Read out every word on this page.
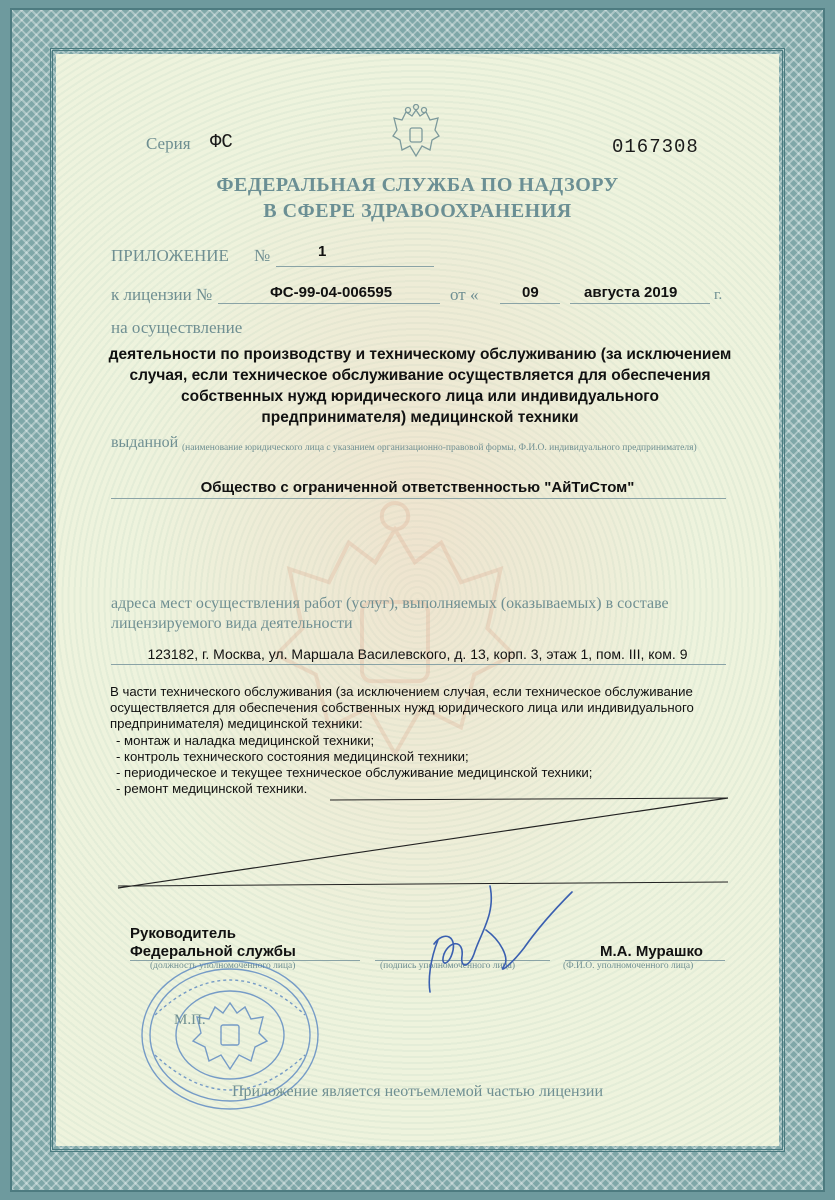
Серия ФС	0167308
ФЕДЕРАЛЬНАЯ СЛУЖБА ПО НАДЗОРУ
В СФЕРЕ ЗДРАВООХРАНЕНИЯ
ПРИЛОЖЕНИЕ №	1
к лицензии №	ФС-99-04-006595	от «	09	августа 2019 г.
на осуществление
деятельности по производству и техническому обслуживанию (за исключением случая, если техническое обслуживание осуществляется для обеспечения собственных нужд юридического лица или индивидуального предпринимателя) медицинской техники
выданной (наименование юридического лица с указанием организационно-правовой формы, Ф.И.О. индивидуального предпринимателя)
Общество с ограниченной ответственностью "АйТиСтом"
адреса мест осуществления работ (услуг), выполняемых (оказываемых) в составе лицензируемого вида деятельности
123182, г. Москва, ул. Маршала Василевского, д. 13, корп. 3, этаж 1, пом. III, ком. 9
В части технического обслуживания (за исключением случая, если техническое обслуживание осуществляется для обеспечения собственных нужд юридического лица или индивидуального предпринимателя) медицинской техники:
- монтаж и наладка медицинской техники;
- контроль технического состояния медицинской техники;
- периодическое и текущее техническое обслуживание медицинской техники;
- ремонт медицинской техники.
Руководитель
Федеральной службы
(должность уполномоченного лица)	(подпись уполномоченного лица)
М.А. Мурашко
(Ф.И.О. уполномоченного лица)
М.П.
Приложение является неотъемлемой частью лицензии
